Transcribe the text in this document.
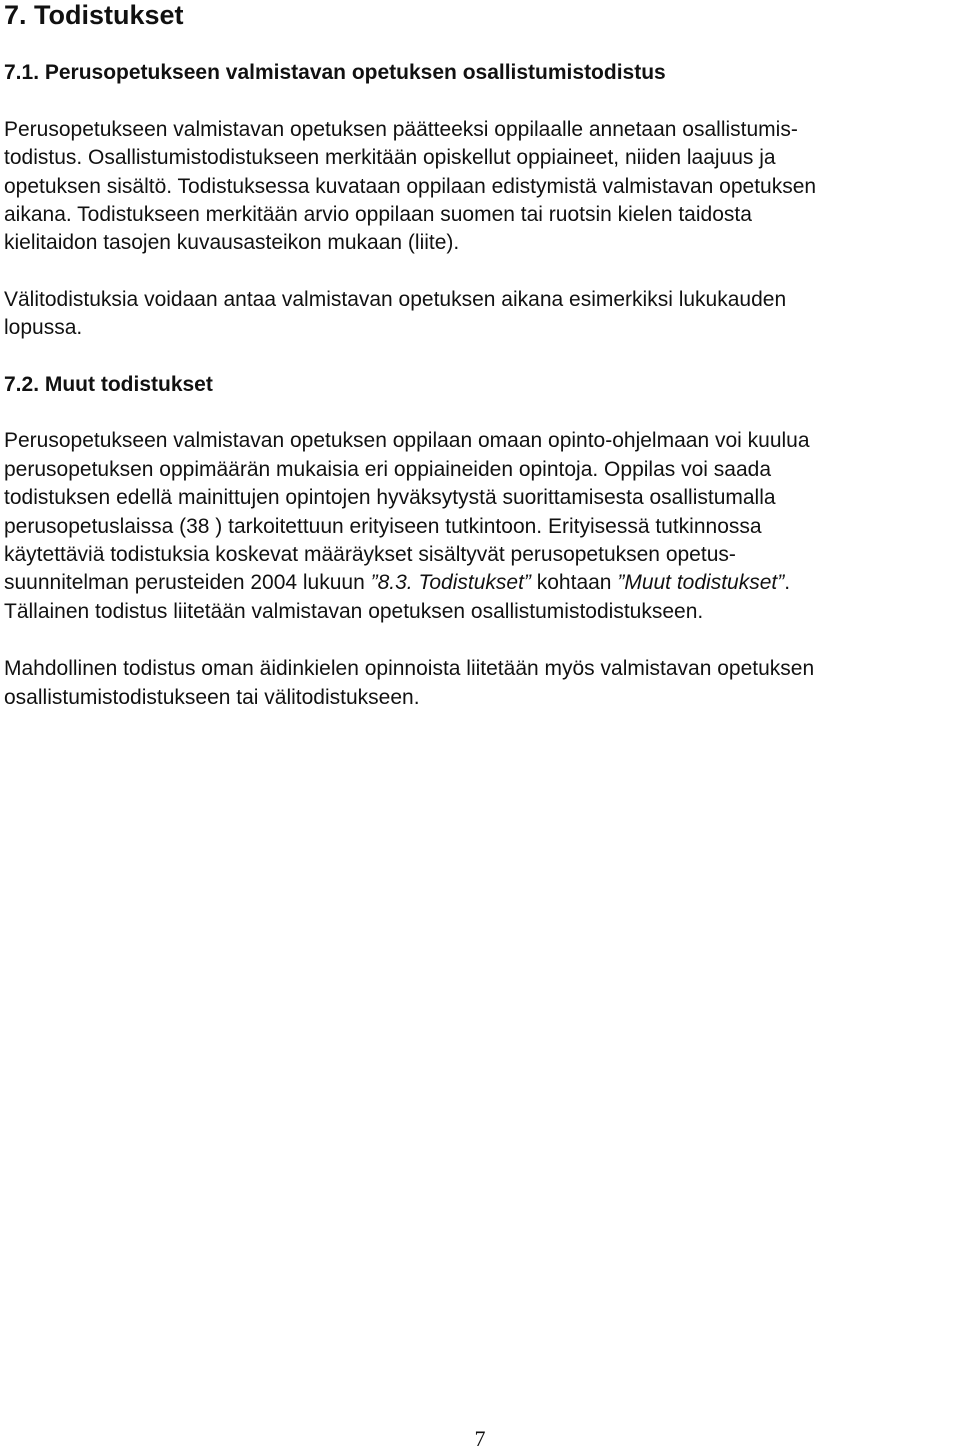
7. Todistukset
7.1. Perusopetukseen valmistavan opetuksen osallistumistodistus

Perusopetukseen valmistavan opetuksen päätteeksi oppilaalle annetaan osallistumis-

todistus. Osallistumistodistukseen merkitään opiskellut oppiaineet, niiden laajuus ja

opetuksen sisältö. Todistuksessa kuvataan oppilaan edistymistä valmistavan opetuksen

aikana. Todistukseen merkitään arvio oppilaan suomen tai ruotsin kielen taidosta

kielitaidon tasojen kuvausasteikon mukaan (liite).

Välitodistuksia voidaan antaa valmistavan opetuksen aikana esimerkiksi lukukauden

lopussa.

7.2. Muut todistukset

Perusopetukseen valmistavan opetuksen oppilaan omaan opinto-ohjelmaan voi kuulua

perusopetuksen oppimäärän mukaisia eri oppiaineiden opintoja. Oppilas voi saada

todistuksen edellä mainittujen opintojen hyväksytystä suorittamisesta osallistumalla

perusopetuslaissa (38 ) tarkoitettuun erityiseen tutkintoon. Erityisessä tutkinnossa

käytettäviä todistuksia koskevat määräykset sisältyvät perusopetuksen opetus-

suunnitelman perusteiden 2004 lukuun ”8.3. Todistukset” kohtaan ”Muut todistukset”.

Tällainen todistus liitetään valmistavan opetuksen osallistumistodistukseen.

Mahdollinen todistus oman äidinkielen opinnoista liitetään myös valmistavan opetuksen

osallistumistodistukseen tai välitodistukseen.

7
